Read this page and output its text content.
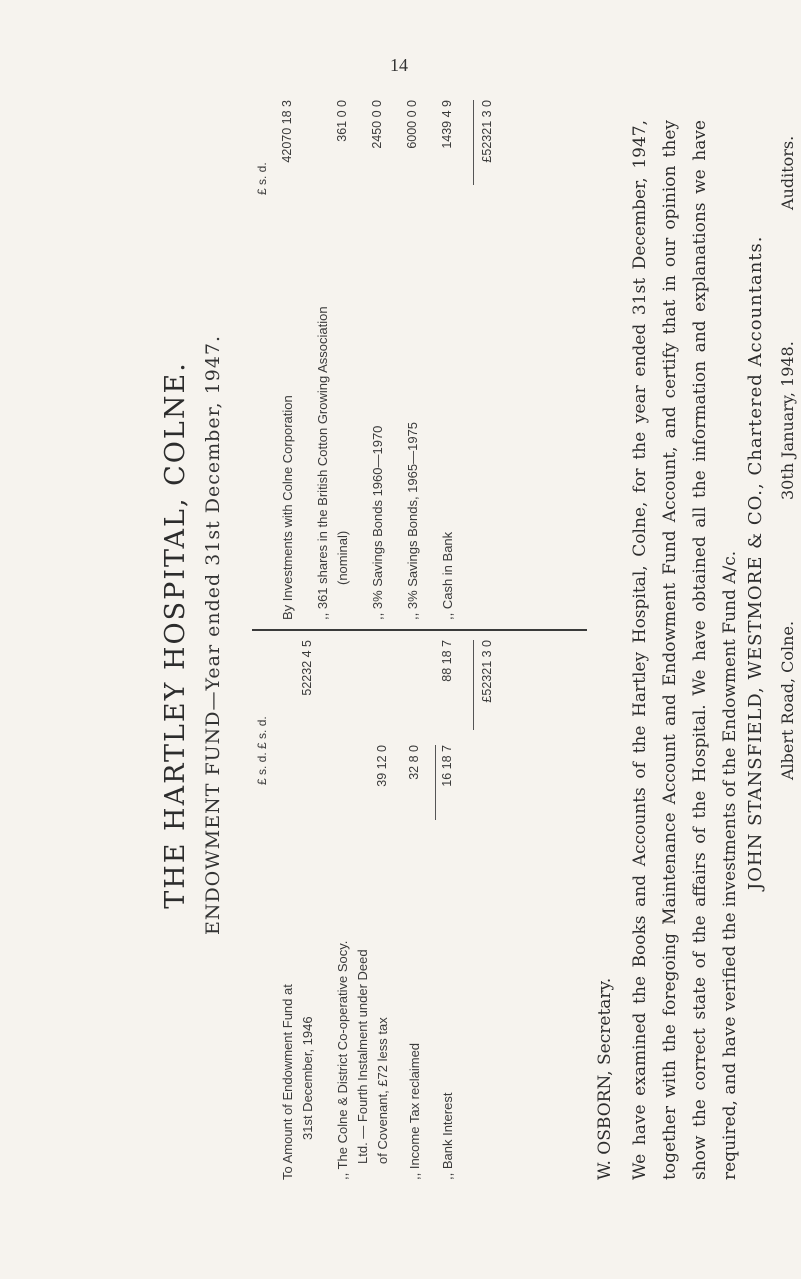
14
THE HARTLEY HOSPITAL, COLNE. ENDOWMENT FUND—Year ended 31st December, 1947.	£ s. d. £ s. d.
To Amount of Endowment Fund at 31st December, 1946
52232 4 5
,, The Colne & District Co-operative Socy. Ltd. — Fourth Instalment under Deed of Covenant, £72 less tax
39 12 0
,, Income Tax reclaimed
32 8 0
,, Bank Interest
16 18 7
88 18 7 £52321 3 0
£ s. d.
By Investments with Colne Corporation
42070 18 3
,, 361 shares in the British Cotton Growing Association (nominal)
361 0 0
,, 3% Savings Bonds 1960—1970
2450 0 0
,, 3% Savings Bonds, 1965—1975
6000 0 0
,, Cash in Bank
1439 4 9 £52321 3 0
W. OSBORN, Secretary. We have examined the Books and Accounts of the Hartley Hospital, Colne, for the year ended 31st December, 1947, together with the foregoing Maintenance Account and Endowment Fund Account, and certify that in our opinion they show the correct state of the affairs of the Hospital. We have obtained all the information and explanations we have required, and have verified the investments of the Endowment Fund A/c. JOHN STANSFIELD, WESTMORE & CO., Chartered Accountants. Albert Road, Colne.
30th January, 1948.
Auditors.
